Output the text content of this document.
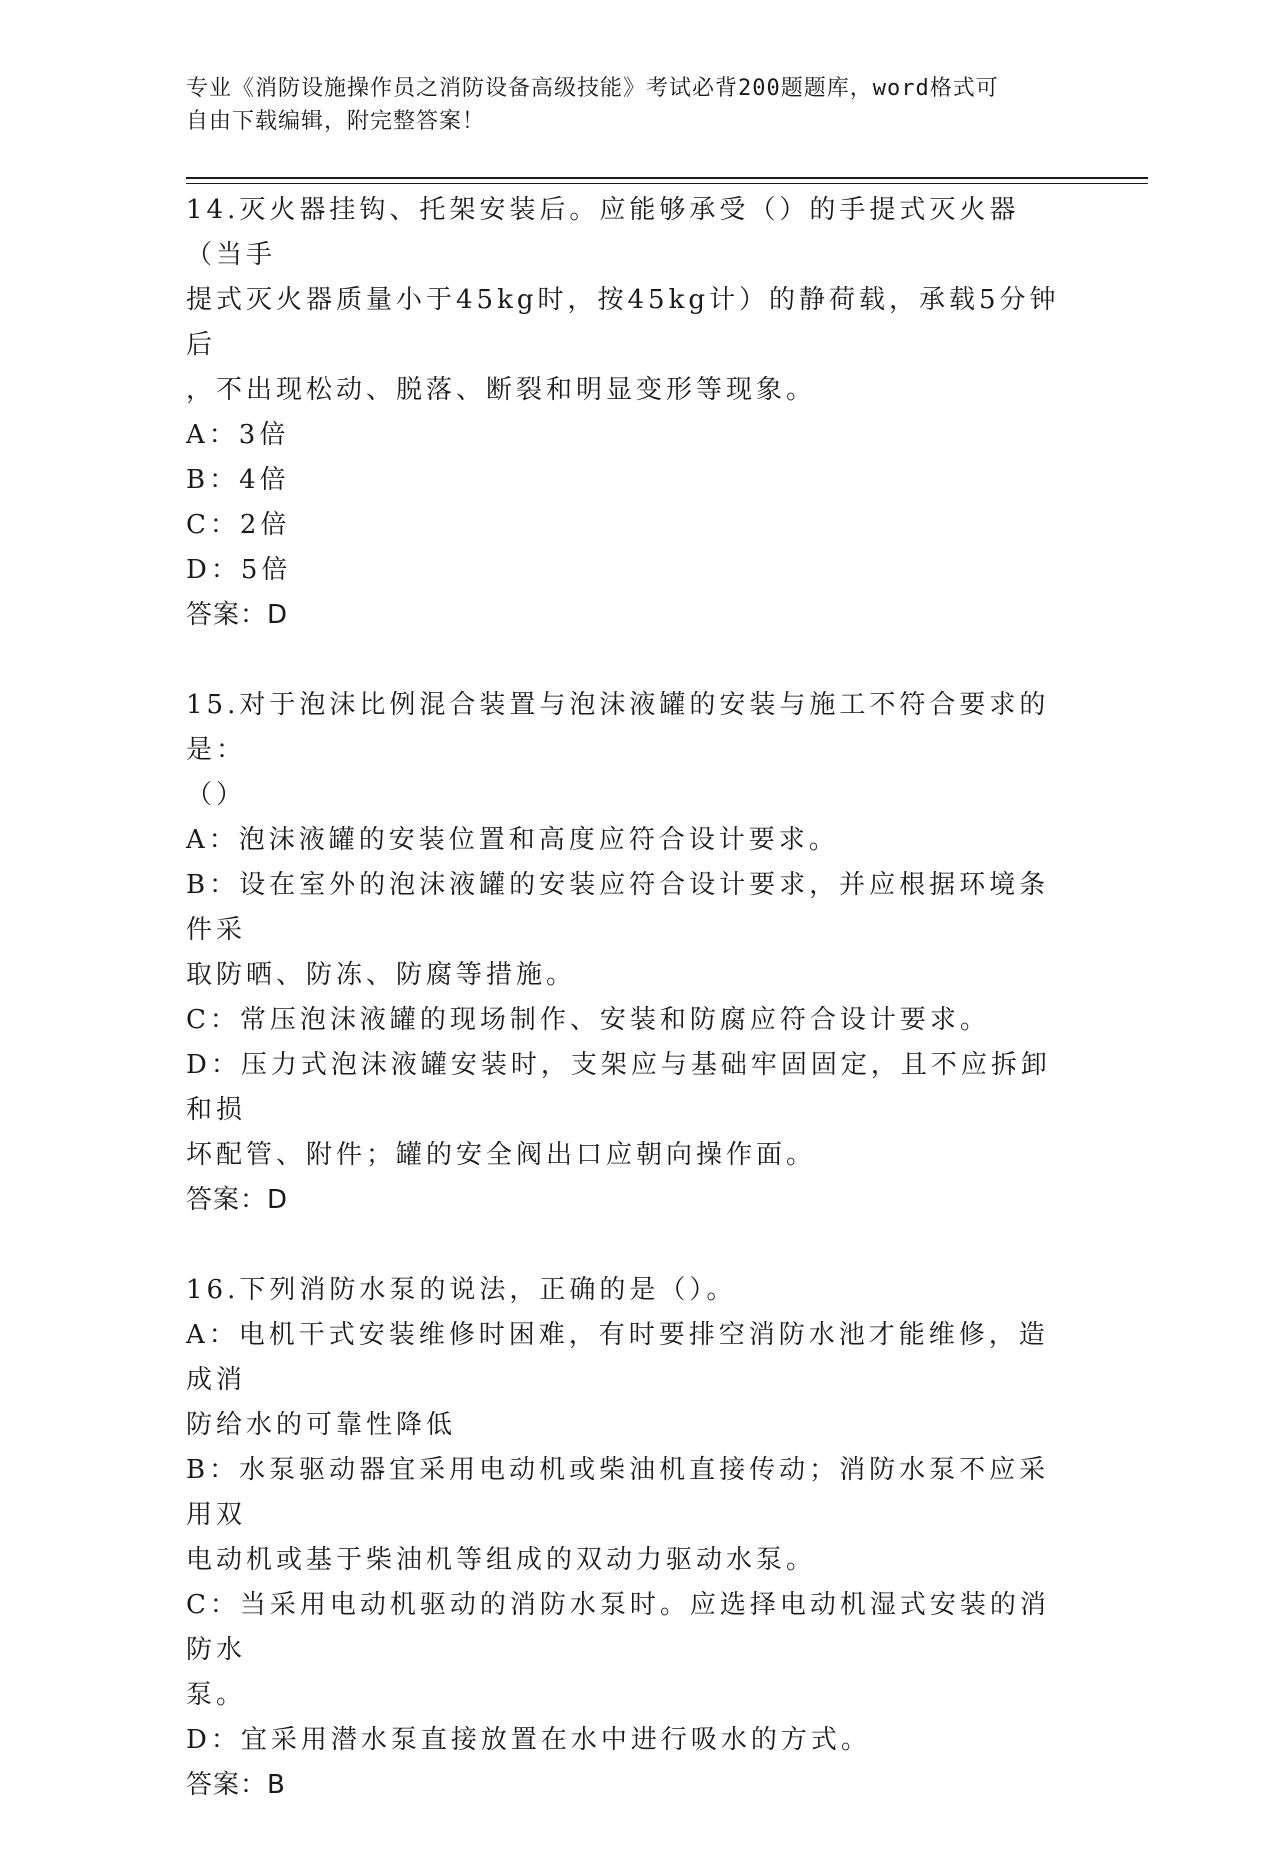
专业《消防设施操作员之消防设备高级技能》考试必背200题题库，word格式可
自由下载编辑，附完整答案！
14.灭火器挂钩、托架安装后。应能够承受（）的手提式灭火器（当手
提式灭火器质量小于45kg时，按45kg计）的静荷载，承载5分钟后
，不出现松动、脱落、断裂和明显变形等现象。
A：3倍
B：4倍
C：2倍
D：5倍
答案：D
15.对于泡沫比例混合装置与泡沫液罐的安装与施工不符合要求的是：
（）
A：泡沫液罐的安装位置和高度应符合设计要求。
B：设在室外的泡沫液罐的安装应符合设计要求，并应根据环境条件采
取防晒、防冻、防腐等措施。
C：常压泡沫液罐的现场制作、安装和防腐应符合设计要求。
D：压力式泡沫液罐安装时，支架应与基础牢固固定，且不应拆卸和损
坏配管、附件；罐的安全阀出口应朝向操作面。
答案：D
16.下列消防水泵的说法，正确的是（）。
A：电机干式安装维修时困难，有时要排空消防水池才能维修，造成消
防给水的可靠性降低
B：水泵驱动器宜采用电动机或柴油机直接传动；消防水泵不应采用双
电动机或基于柴油机等组成的双动力驱动水泵。
C：当采用电动机驱动的消防水泵时。应选择电动机湿式安装的消防水
泵。
D：宜采用潜水泵直接放置在水中进行吸水的方式。
答案：B
